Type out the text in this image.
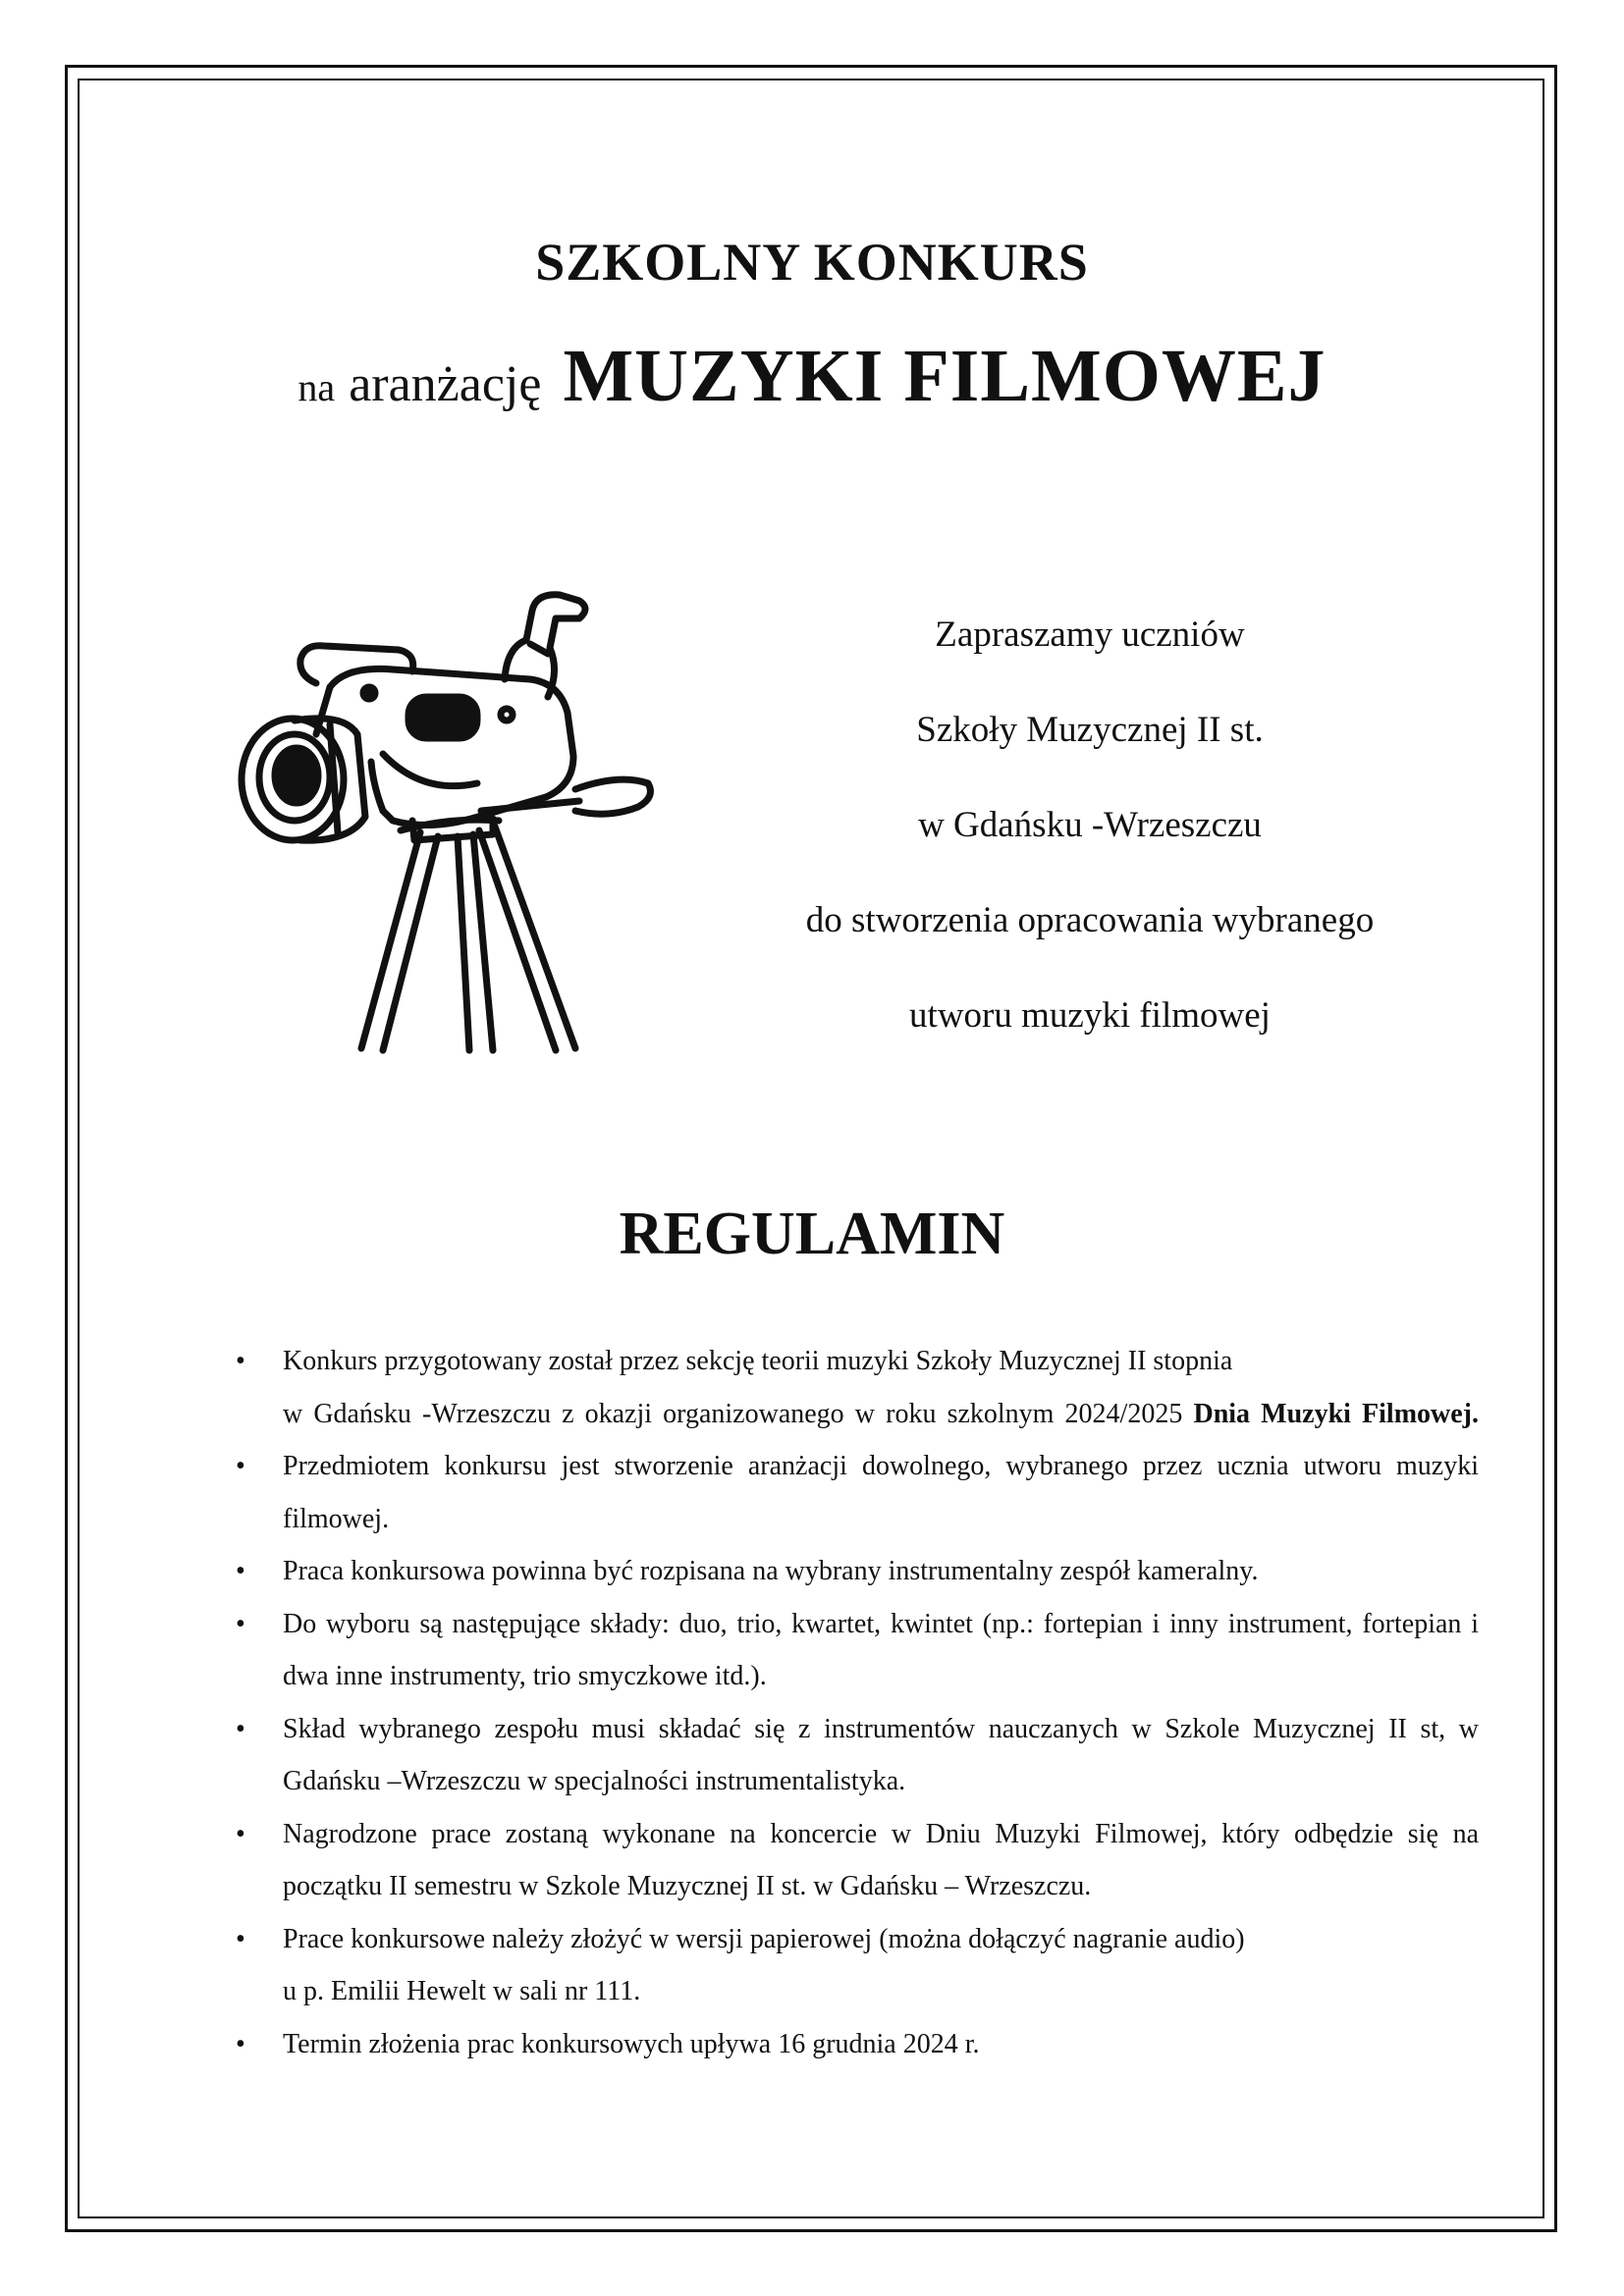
SZKOLNY KONKURS
na aranżację MUZYKI FILMOWEJ
Zapraszamy uczniów
Szkoły Muzycznej II st.
w Gdańsku -Wrzeszczu
do stworzenia opracowania wybranego
utworu muzyki filmowej
REGULAMIN
• Konkurs przygotowany został przez sekcję teorii muzyki Szkoły Muzycznej II stopnia
w Gdańsku -Wrzeszczu z okazji organizowanego w roku szkolnym 2024/2025 Dnia Muzyki Filmowej.
• Przedmiotem konkursu jest stworzenie aranżacji dowolnego, wybranego przez ucznia utworu muzyki filmowej.
• Praca konkursowa powinna być rozpisana na wybrany instrumentalny zespół kameralny.
• Do wyboru są następujące składy: duo, trio, kwartet, kwintet (np.: fortepian i inny instrument, fortepian i dwa inne instrumenty, trio smyczkowe itd.).
• Skład wybranego zespołu musi składać się z instrumentów nauczanych w Szkole Muzycznej II st, w Gdańsku –Wrzeszczu w specjalności instrumentalistyka.
• Nagrodzone prace zostaną wykonane na koncercie w Dniu Muzyki Filmowej, który odbędzie się na początku II semestru w Szkole Muzycznej II st. w Gdańsku – Wrzeszczu.
• Prace konkursowe należy złożyć w wersji papierowej (można dołączyć nagranie audio)
u p. Emilii Hewelt w sali nr 111.
• Termin złożenia prac konkursowych upływa 16 grudnia 2024 r.
